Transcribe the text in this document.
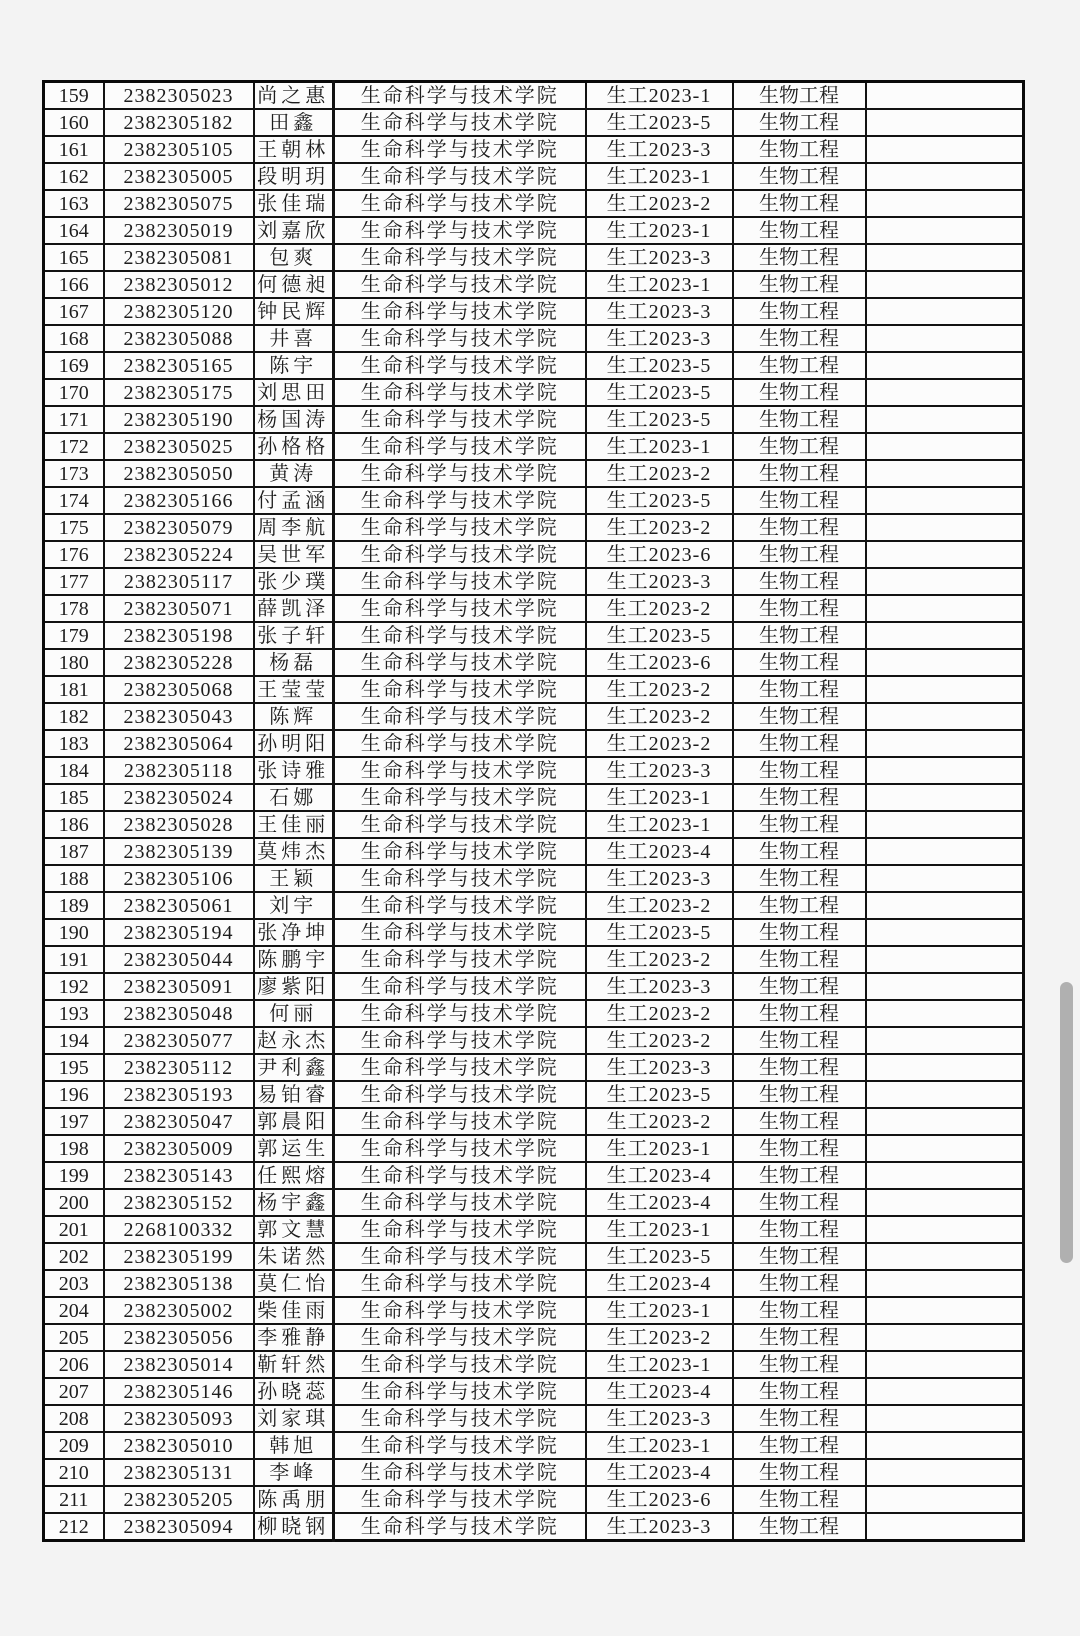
159	2382305023	尚之惠	生命科学与技术学院	生工2023-1	生物工程	
160	2382305182	田鑫	生命科学与技术学院	生工2023-5	生物工程	
161	2382305105	王朝林	生命科学与技术学院	生工2023-3	生物工程	
162	2382305005	段明玥	生命科学与技术学院	生工2023-1	生物工程	
163	2382305075	张佳瑞	生命科学与技术学院	生工2023-2	生物工程	
164	2382305019	刘嘉欣	生命科学与技术学院	生工2023-1	生物工程	
165	2382305081	包爽	生命科学与技术学院	生工2023-3	生物工程	
166	2382305012	何德昶	生命科学与技术学院	生工2023-1	生物工程	
167	2382305120	钟民辉	生命科学与技术学院	生工2023-3	生物工程	
168	2382305088	井喜	生命科学与技术学院	生工2023-3	生物工程	
169	2382305165	陈宇	生命科学与技术学院	生工2023-5	生物工程	
170	2382305175	刘思田	生命科学与技术学院	生工2023-5	生物工程	
171	2382305190	杨国涛	生命科学与技术学院	生工2023-5	生物工程	
172	2382305025	孙格格	生命科学与技术学院	生工2023-1	生物工程	
173	2382305050	黄涛	生命科学与技术学院	生工2023-2	生物工程	
174	2382305166	付孟涵	生命科学与技术学院	生工2023-5	生物工程	
175	2382305079	周李航	生命科学与技术学院	生工2023-2	生物工程	
176	2382305224	吴世军	生命科学与技术学院	生工2023-6	生物工程	
177	2382305117	张少璞	生命科学与技术学院	生工2023-3	生物工程	
178	2382305071	薛凯泽	生命科学与技术学院	生工2023-2	生物工程	
179	2382305198	张子轩	生命科学与技术学院	生工2023-5	生物工程	
180	2382305228	杨磊	生命科学与技术学院	生工2023-6	生物工程	
181	2382305068	王莹莹	生命科学与技术学院	生工2023-2	生物工程	
182	2382305043	陈辉	生命科学与技术学院	生工2023-2	生物工程	
183	2382305064	孙明阳	生命科学与技术学院	生工2023-2	生物工程	
184	2382305118	张诗雅	生命科学与技术学院	生工2023-3	生物工程	
185	2382305024	石娜	生命科学与技术学院	生工2023-1	生物工程	
186	2382305028	王佳丽	生命科学与技术学院	生工2023-1	生物工程	
187	2382305139	莫炜杰	生命科学与技术学院	生工2023-4	生物工程	
188	2382305106	王颖	生命科学与技术学院	生工2023-3	生物工程	
189	2382305061	刘宇	生命科学与技术学院	生工2023-2	生物工程	
190	2382305194	张净坤	生命科学与技术学院	生工2023-5	生物工程	
191	2382305044	陈鹏宇	生命科学与技术学院	生工2023-2	生物工程	
192	2382305091	廖紫阳	生命科学与技术学院	生工2023-3	生物工程	
193	2382305048	何丽	生命科学与技术学院	生工2023-2	生物工程	
194	2382305077	赵永杰	生命科学与技术学院	生工2023-2	生物工程	
195	2382305112	尹利鑫	生命科学与技术学院	生工2023-3	生物工程	
196	2382305193	易铂睿	生命科学与技术学院	生工2023-5	生物工程	
197	2382305047	郭晨阳	生命科学与技术学院	生工2023-2	生物工程	
198	2382305009	郭运生	生命科学与技术学院	生工2023-1	生物工程	
199	2382305143	任熙熔	生命科学与技术学院	生工2023-4	生物工程	
200	2382305152	杨宇鑫	生命科学与技术学院	生工2023-4	生物工程	
201	2268100332	郭文慧	生命科学与技术学院	生工2023-1	生物工程	
202	2382305199	朱诺然	生命科学与技术学院	生工2023-5	生物工程	
203	2382305138	莫仁怡	生命科学与技术学院	生工2023-4	生物工程	
204	2382305002	柴佳雨	生命科学与技术学院	生工2023-1	生物工程	
205	2382305056	李雅静	生命科学与技术学院	生工2023-2	生物工程	
206	2382305014	靳轩然	生命科学与技术学院	生工2023-1	生物工程	
207	2382305146	孙晓蕊	生命科学与技术学院	生工2023-4	生物工程	
208	2382305093	刘家琪	生命科学与技术学院	生工2023-3	生物工程	
209	2382305010	韩旭	生命科学与技术学院	生工2023-1	生物工程	
210	2382305131	李峰	生命科学与技术学院	生工2023-4	生物工程	
211	2382305205	陈禹朋	生命科学与技术学院	生工2023-6	生物工程	
212	2382305094	柳晓钢	生命科学与技术学院	生工2023-3	生物工程	
